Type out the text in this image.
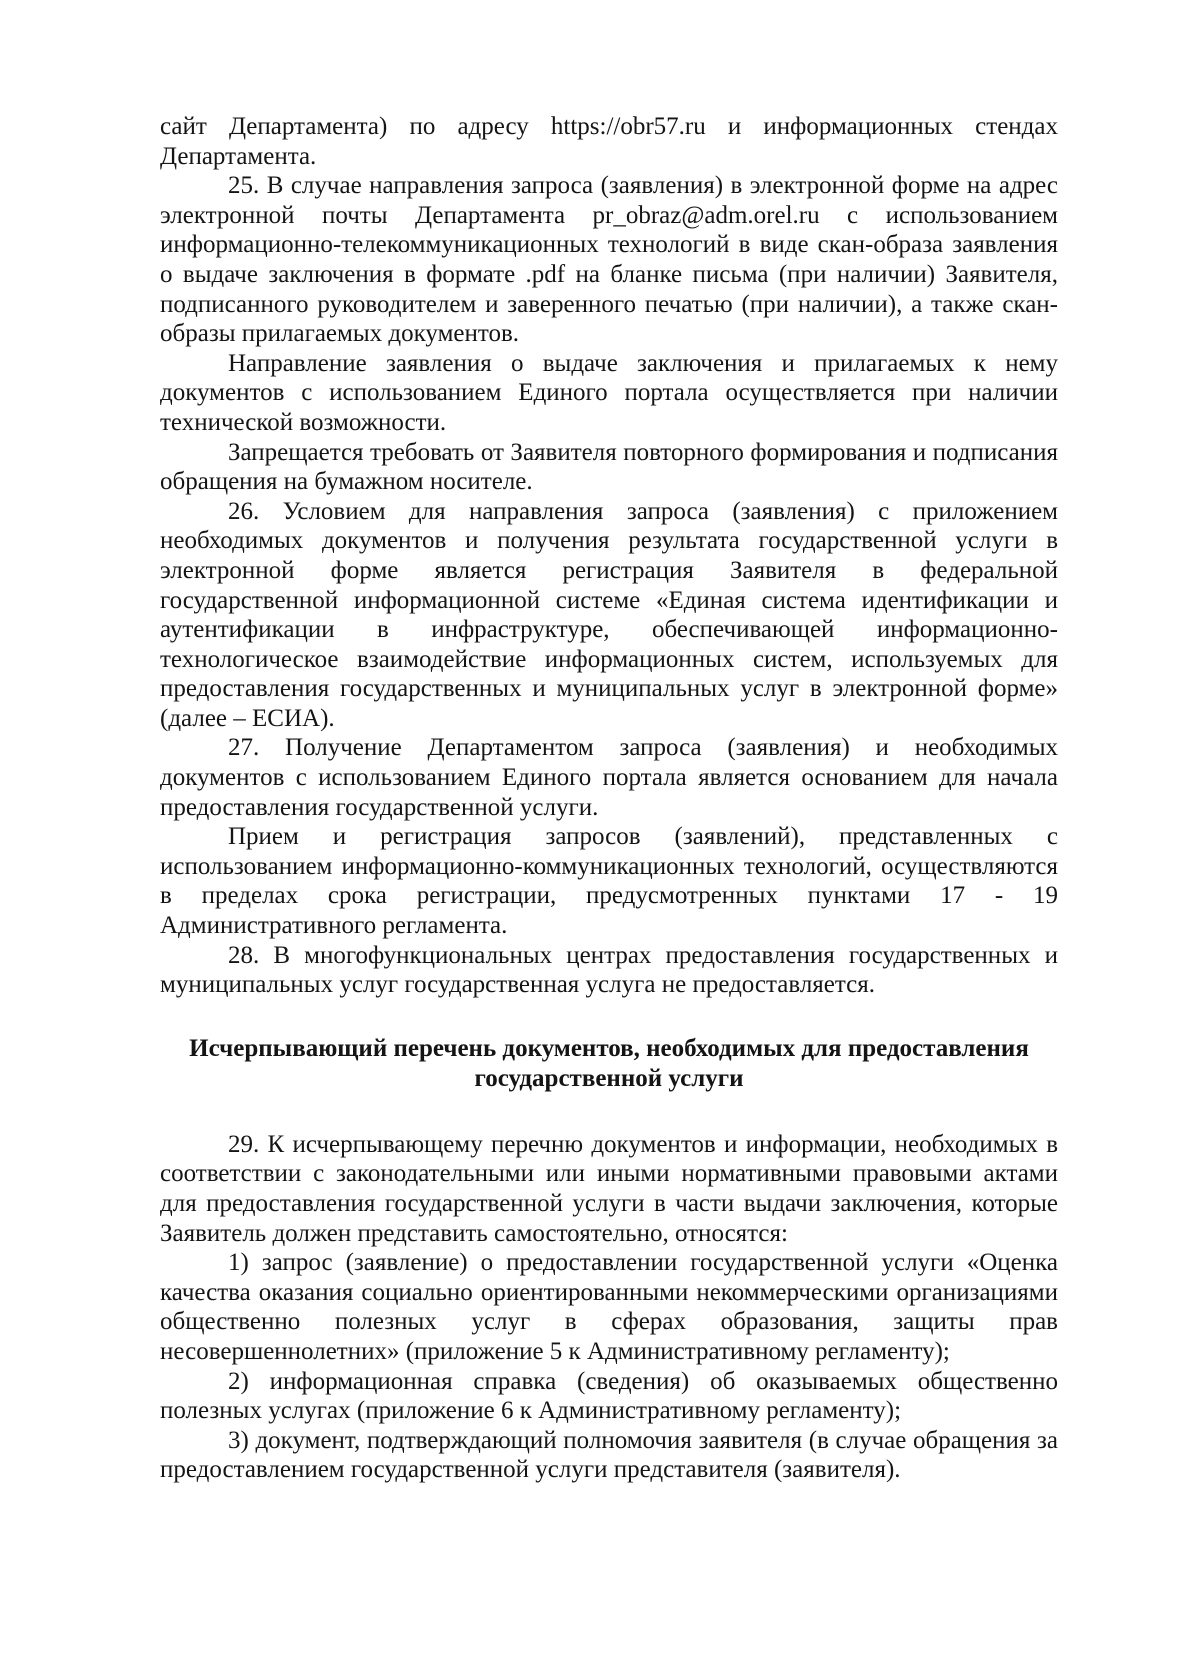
сайт Департамента) по адресу https://obr57.ru и информационных стендах Департамента.

25. В случае направления запроса (заявления) в электронной форме на адрес электронной почты Департамента pr_obraz@adm.orel.ru с использованием информационно-телекоммуникационных технологий в виде скан-образа заявления о выдаче заключения в формате .pdf на бланке письма (при наличии) Заявителя, подписанного руководителем и заверенного печатью (при наличии), а также скан-образы прилагаемых документов.

Направление заявления о выдаче заключения и прилагаемых к нему документов с использованием Единого портала осуществляется при наличии технической возможности.

Запрещается требовать от Заявителя повторного формирования и подписания обращения на бумажном носителе.

26. Условием для направления запроса (заявления) с приложением необходимых документов и получения результата государственной услуги в электронной форме является регистрация Заявителя в федеральной государственной информационной системе «Единая система идентификации и аутентификации в инфраструктуре, обеспечивающей информационно-технологическое взаимодействие информационных систем, используемых для предоставления государственных и муниципальных услуг в электронной форме» (далее – ЕСИА).

27. Получение Департаментом запроса (заявления) и необходимых документов с использованием Единого портала является основанием для начала предоставления государственной услуги.

Прием и регистрация запросов (заявлений), представленных с использованием информационно-коммуникационных технологий, осуществляются в пределах срока регистрации, предусмотренных пунктами 17 - 19 Административного регламента.

28. В многофункциональных центрах предоставления государственных и муниципальных услуг государственная услуга не предоставляется.

Исчерпывающий перечень документов, необходимых для предоставления государственной услуги

29. К исчерпывающему перечню документов и информации, необходимых в соответствии с законодательными или иными нормативными правовыми актами для предоставления государственной услуги в части выдачи заключения, которые Заявитель должен представить самостоятельно, относятся:

1) запрос (заявление) о предоставлении государственной услуги «Оценка качества оказания социально ориентированными некоммерческими организациями общественно полезных услуг в сферах образования, защиты прав несовершеннолетних» (приложение 5 к Административному регламенту);

2) информационная справка (сведения) об оказываемых общественно полезных услугах (приложение 6 к Административному регламенту);

3) документ, подтверждающий полномочия заявителя (в случае обращения за предоставлением государственной услуги представителя (заявителя).
